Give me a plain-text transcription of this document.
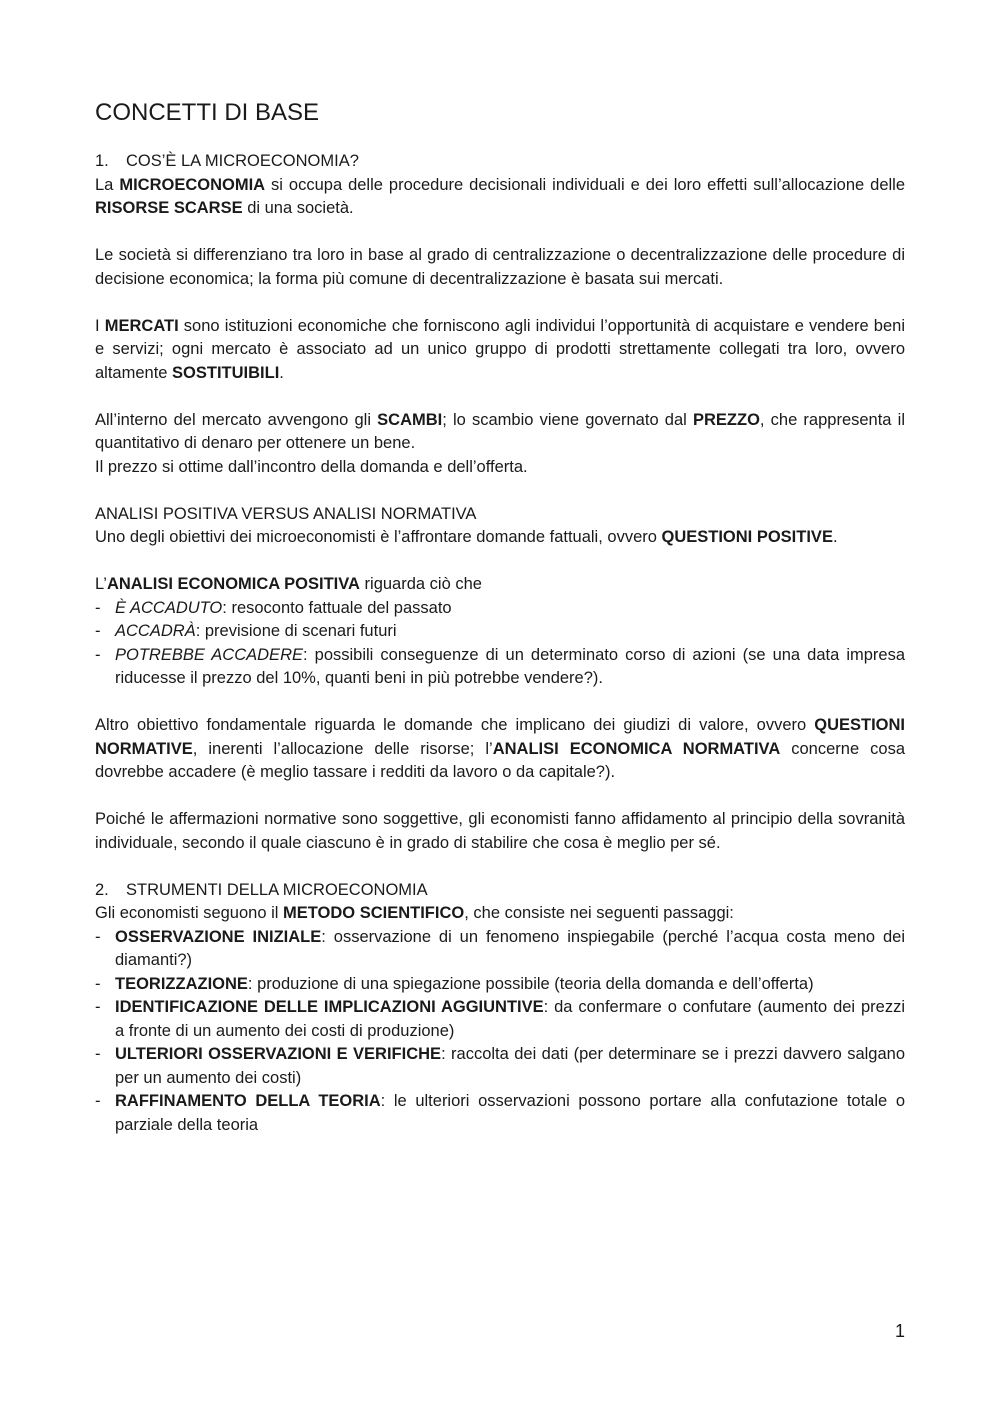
CONCETTI DI BASE
1. COS’È LA MICROECONOMIA?

La MICROECONOMIA si occupa delle procedure decisionali individuali e dei loro effetti sull’allocazione delle RISORSE SCARSE di una società.

Le società si differenziano tra loro in base al grado di centralizzazione o decentralizzazione delle procedure di decisione economica; la forma più comune di decentralizzazione è basata sui mercati.

I MERCATI sono istituzioni economiche che forniscono agli individui l’opportunità di acquistare e vendere beni e servizi; ogni mercato è associato ad un unico gruppo di prodotti strettamente collegati tra loro, ovvero altamente SOSTITUIBILI.

All’interno del mercato avvengono gli SCAMBI; lo scambio viene governato dal PREZZO, che rappresenta il quantitativo di denaro per ottenere un bene.

Il prezzo si ottime dall’incontro della domanda e dell’offerta.

ANALISI POSITIVA VERSUS ANALISI NORMATIVA

Uno degli obiettivi dei microeconomisti è l’affrontare domande fattuali, ovvero QUESTIONI POSITIVE.

L’ANALISI ECONOMICA POSITIVA riguarda ciò che

- È ACCADUTO: resoconto fattuale del passato
- ACCADRÀ: previsione di scenari futuri
- POTREBBE ACCADERE: possibili conseguenze di un determinato corso di azioni (se una data impresa riducesse il prezzo del 10%, quanti beni in più potrebbe vendere?).

Altro obiettivo fondamentale riguarda le domande che implicano dei giudizi di valore, ovvero QUESTIONI NORMATIVE, inerenti l’allocazione delle risorse; l’ANALISI ECONOMICA NORMATIVA concerne cosa dovrebbe accadere (è meglio tassare i redditi da lavoro o da capitale?).

Poiché le affermazioni normative sono soggettive, gli economisti fanno affidamento al principio della sovranità individuale, secondo il quale ciascuno è in grado di stabilire che cosa è meglio per sé.

2. STRUMENTI DELLA MICROECONOMIA

Gli economisti seguono il METODO SCIENTIFICO, che consiste nei seguenti passaggi:

- OSSERVAZIONE INIZIALE: osservazione di un fenomeno inspiegabile (perché l’acqua costa meno dei diamanti?)
- TEORIZZAZIONE: produzione di una spiegazione possibile (teoria della domanda e dell’offerta)
- IDENTIFICAZIONE DELLE IMPLICAZIONI AGGIUNTIVE: da confermare o confutare (aumento dei prezzi a fronte di un aumento dei costi di produzione)
- ULTERIORI OSSERVAZIONI E VERIFICHE: raccolta dei dati (per determinare se i prezzi davvero salgano per un aumento dei costi)
- RAFFINAMENTO DELLA TEORIA: le ulteriori osservazioni possono portare alla confutazione totale o parziale della teoria
1
